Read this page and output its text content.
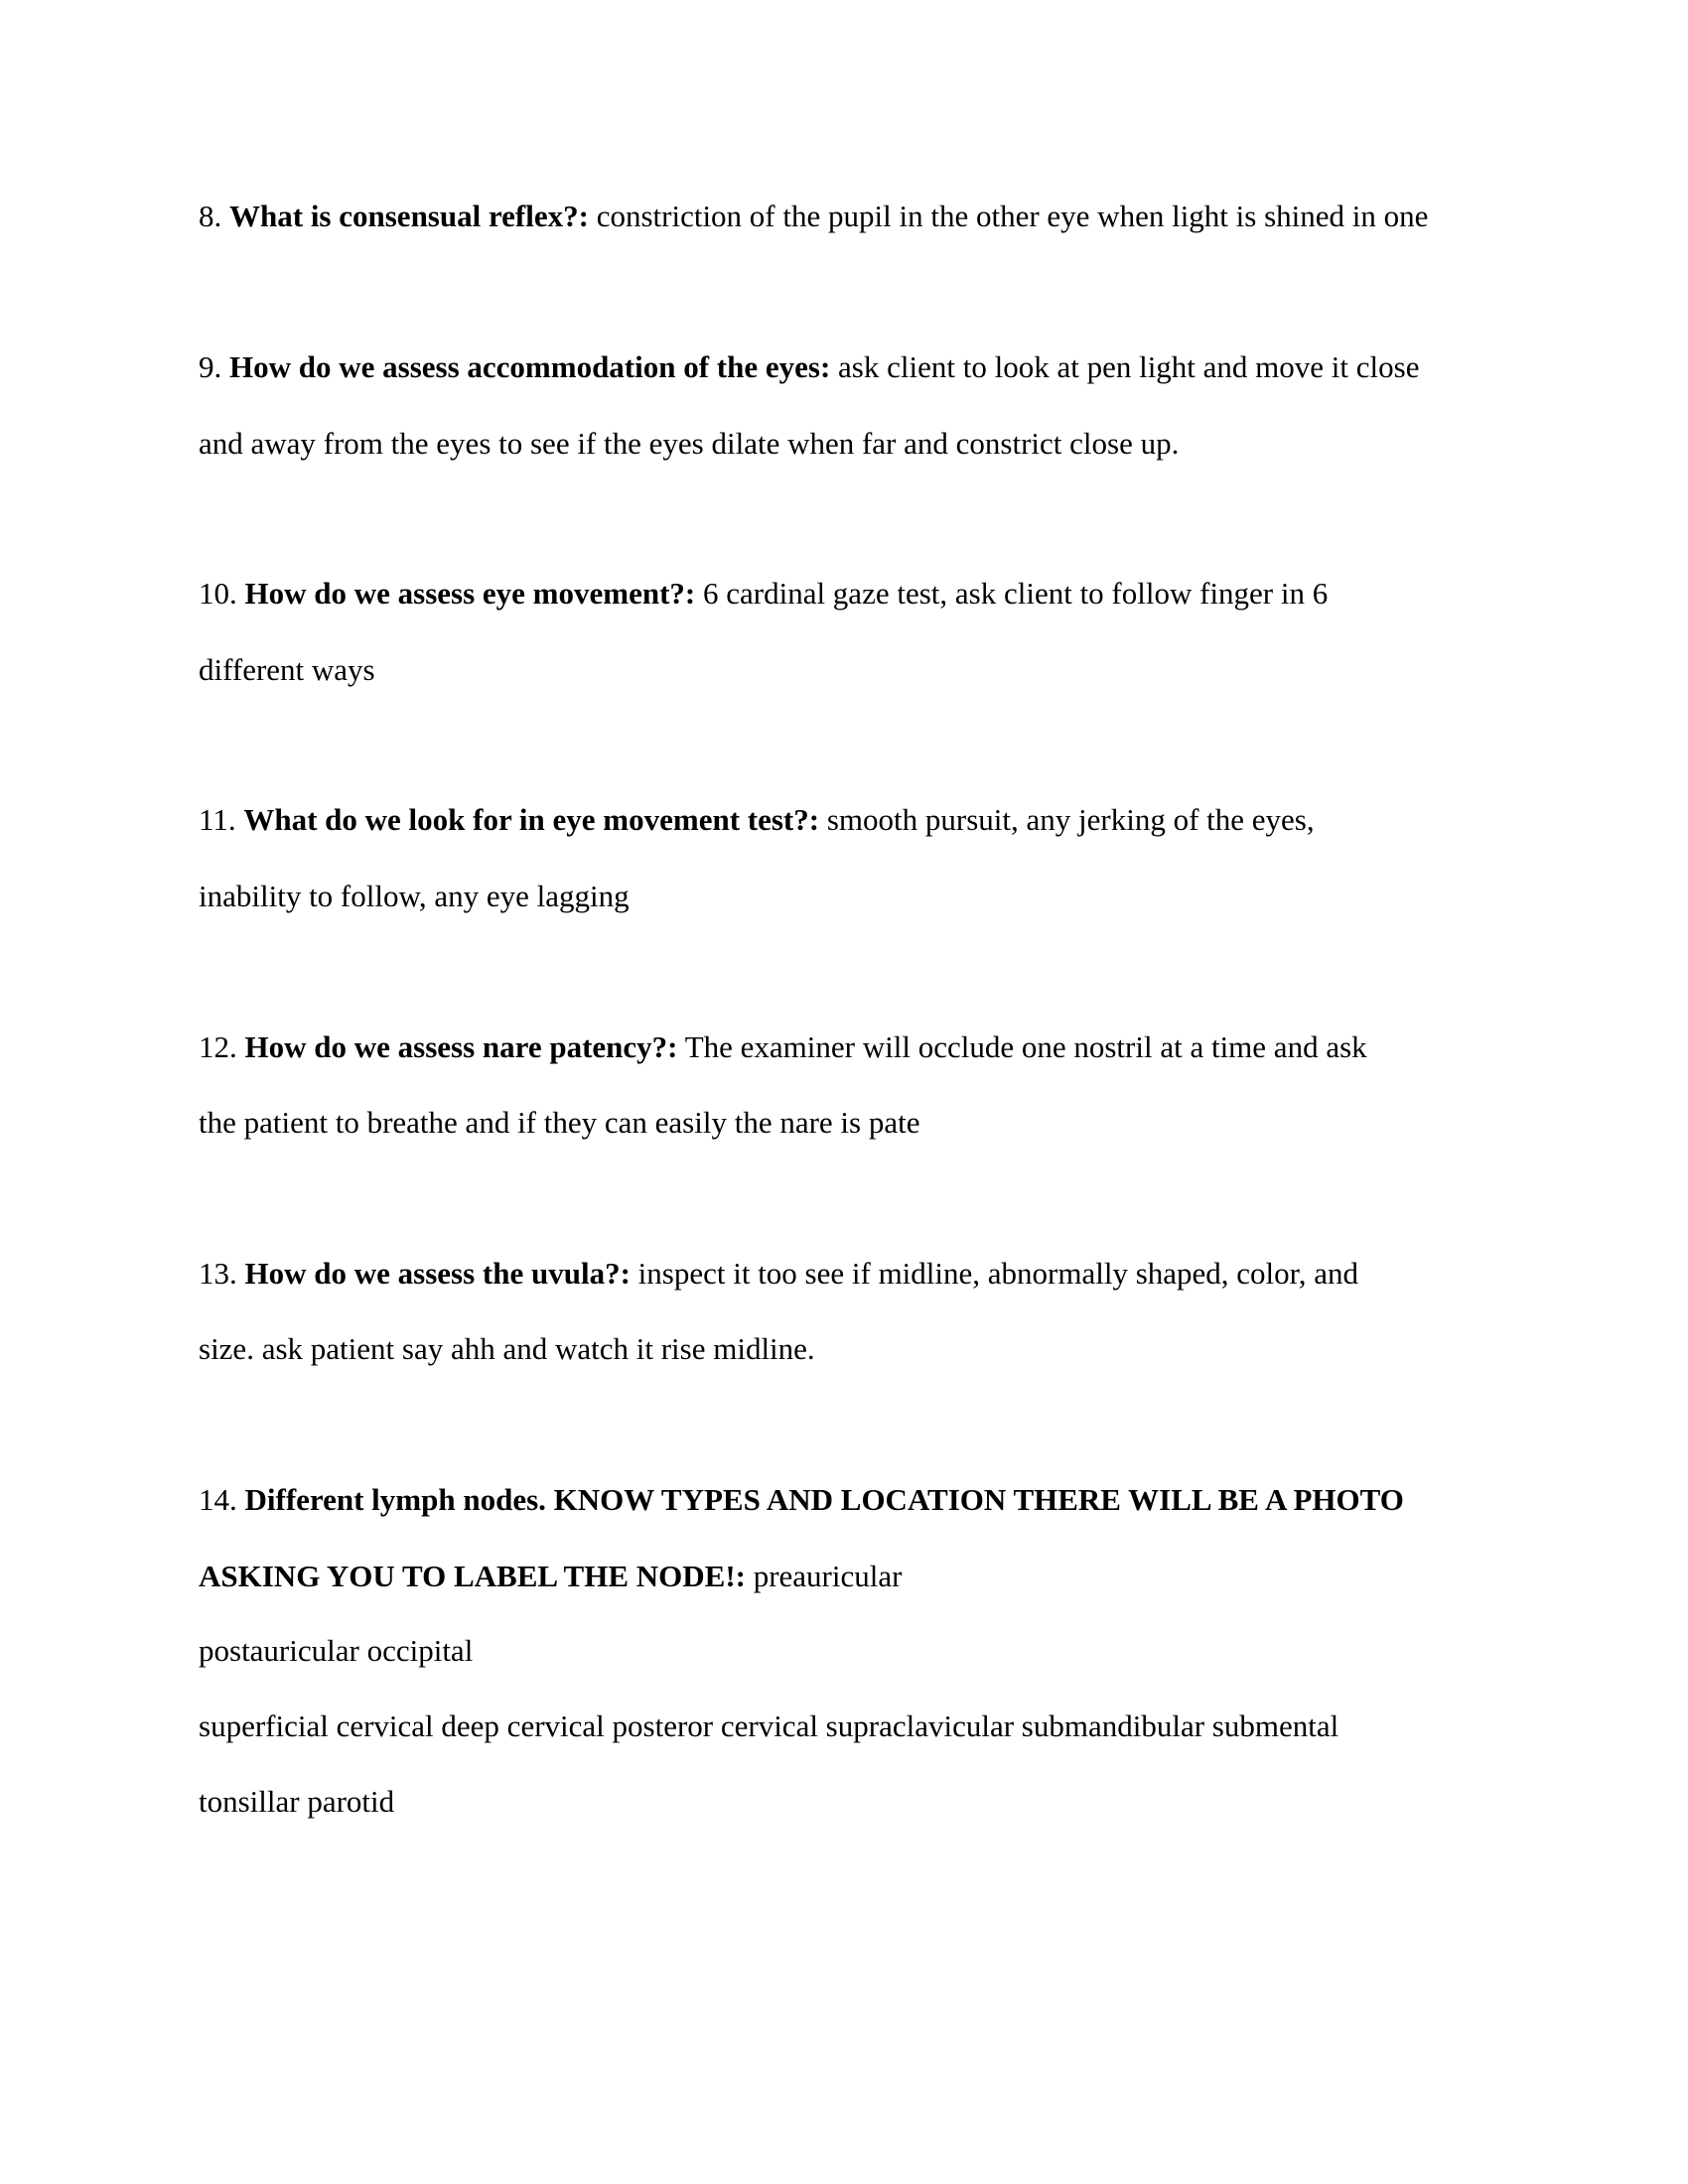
8. What is consensual reflex?: constriction of the pupil in the other eye when light is shined in one
9. How do we assess accommodation of the eyes: ask client to look at pen light and move it close
and away from the eyes to see if the eyes dilate when far and constrict close up.
10. How do we assess eye movement?: 6 cardinal gaze test, ask client to follow finger in 6
different ways
11. What do we look for in eye movement test?: smooth pursuit, any jerking of the eyes,
inability to follow, any eye lagging
12. How do we assess nare patency?: The examiner will occlude one nostril at a time and ask
the patient to breathe and if they can easily the nare is pate
13. How do we assess the uvula?: inspect it too see if midline, abnormally shaped, color, and
size. ask patient say ahh and watch it rise midline.
14. Different lymph nodes. KNOW TYPES AND LOCATION THERE WILL BE A PHOTO
ASKING YOU TO LABEL THE NODE!: preauricular
postauricular occipital
superficial cervical deep cervical posteror cervical supraclavicular submandibular submental
tonsillar parotid
